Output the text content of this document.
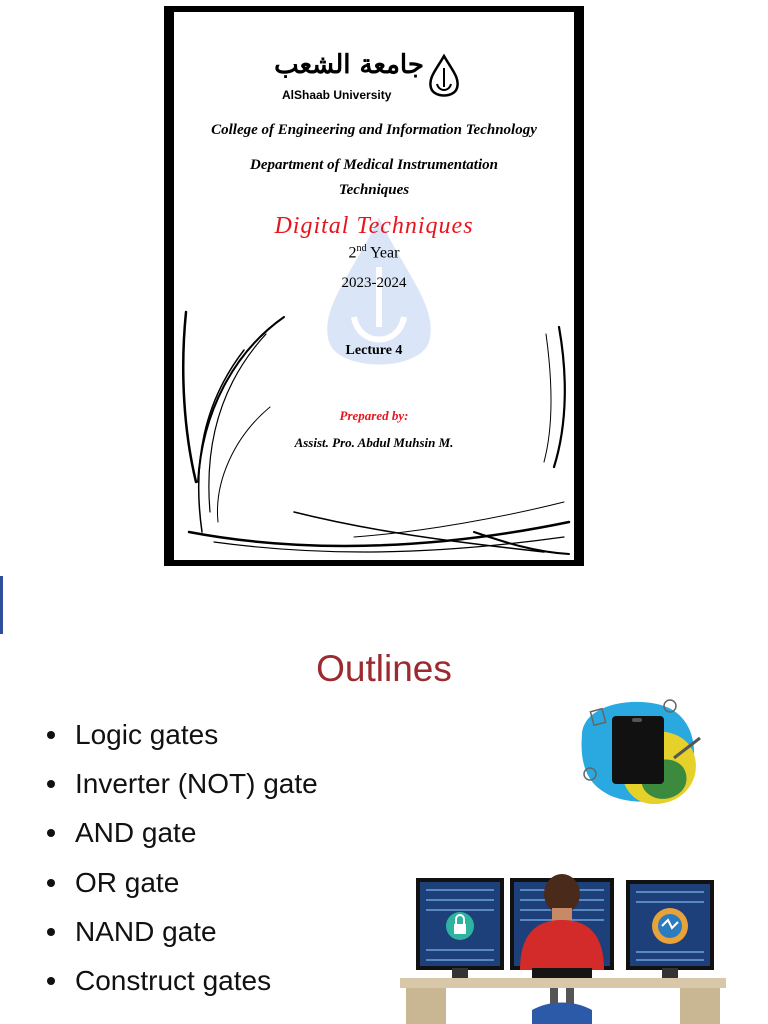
جامعة الشعب
AlShaab University
College of Engineering and Information Technology
Department of Medical Instrumentation
Techniques
Digital Techniques
2nd Year
2023-2024
Lecture 4
Prepared by:
Assist. Pro. Abdul Muhsin M.
Outlines
Logic gates
Inverter (NOT) gate
AND gate
OR gate
NAND gate
Construct gates
